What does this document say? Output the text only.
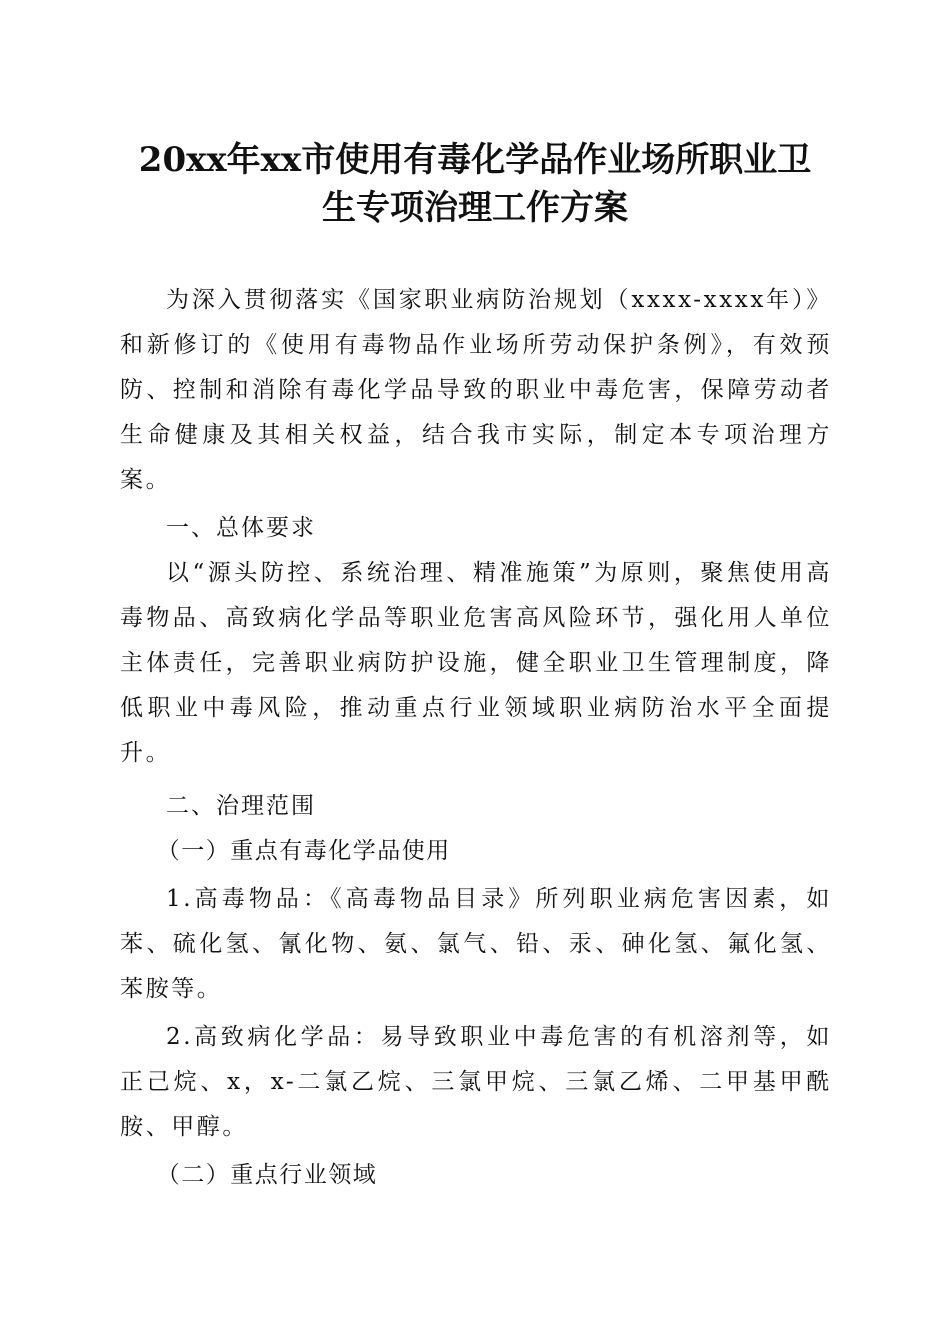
20xx年xx市使用有毒化学品作业场所职业卫
生专项治理工作方案

为深入贯彻落实《国家职业病防治规划（xxxx-xxxx年）》和新修订的《使用有毒物品作业场所劳动保护条例》，有效预防、控制和消除有毒化学品导致的职业中毒危害，保障劳动者生命健康及其相关权益，结合我市实际，制定本专项治理方案。

一、总体要求

以“源头防控、系统治理、精准施策”为原则，聚焦使用高毒物品、高致病化学品等职业危害高风险环节，强化用人单位主体责任，完善职业病防护设施，健全职业卫生管理制度，降低职业中毒风险，推动重点行业领域职业病防治水平全面提升。

二、治理范围

（一）重点有毒化学品使用

1.高毒物品：《高毒物品目录》所列职业病危害因素，如苯、硫化氢、氰化物、氨、氯气、铅、汞、砷化氢、氟化氢、苯胺等。

2.高致病化学品：易导致职业中毒危害的有机溶剂等，如正己烷、x，x-二氯乙烷、三氯甲烷、三氯乙烯、二甲基甲酰胺、甲醇。

（二）重点行业领域
